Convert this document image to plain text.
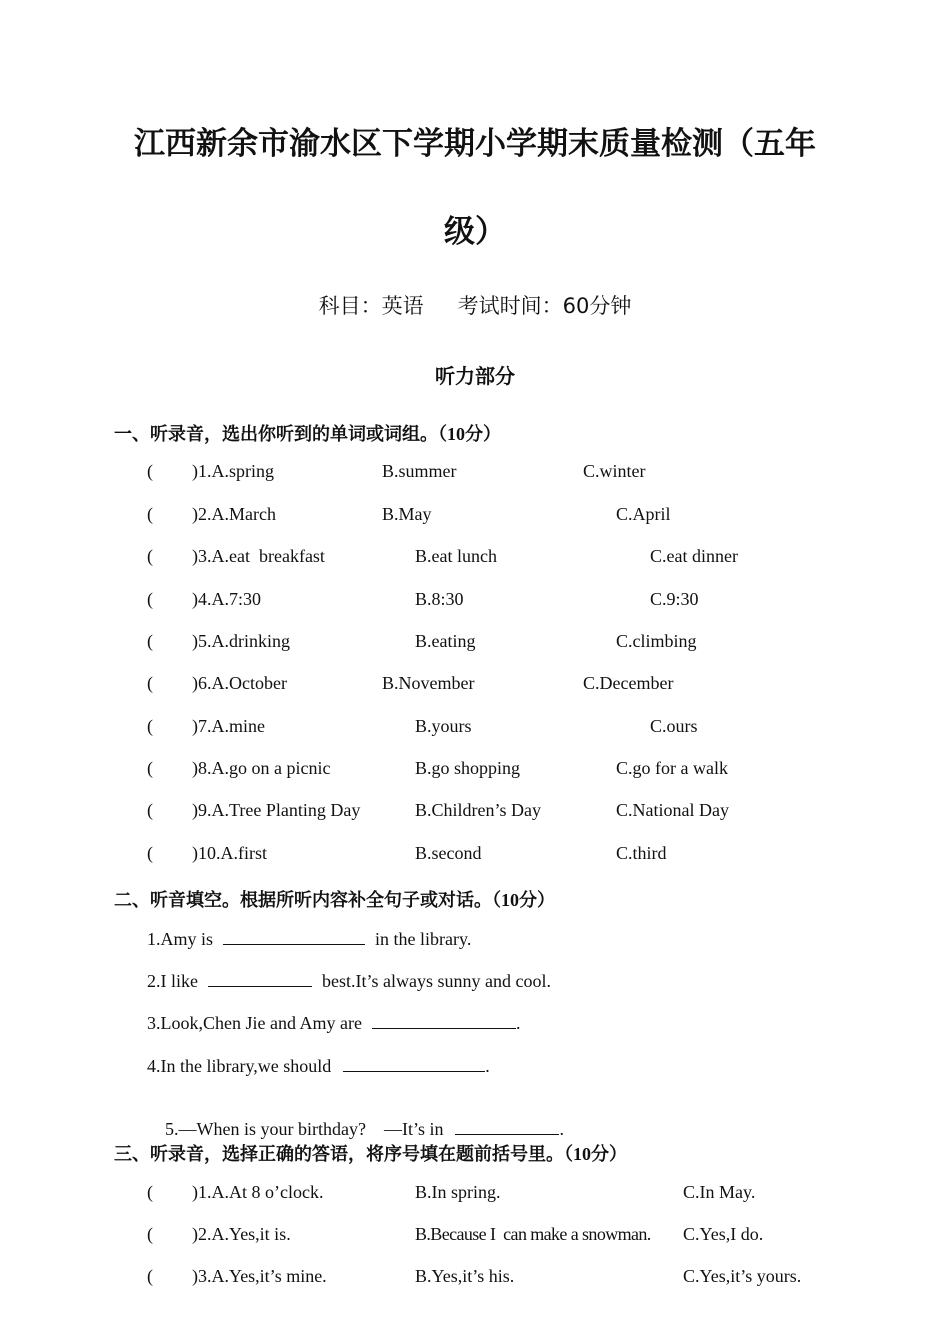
江西新余市渝水区下学期小学期末质量检测（五年
级）
科目：英语 考试时间：60分钟
听力部分
一、听录音，选出你听到的单词或词组。（10分）
( )1.A.spring	B.summer	C.winter
( )2.A.March	B.May	C.April
( )3.A.eat  breakfast	B.eat lunch	C.eat dinner
( )4.A.7:30	B.8:30	C.9:30
( )5.A.drinking	B.eating	C.climbing
( )6.A.October	B.November	C.December
( )7.A.mine	B.yours	C.ours
( )8.A.go on a picnic	B.go shopping	C.go for a walk
( )9.A.Tree Planting Day	B.Children’s Day	C.National Day
( )10.A.first	B.second	C.third
二、听音填空。根据所听内容补全句子或对话。（10分）
1.Amy is	in the library.
2.I like	best.It’s always sunny and cool.
3.Look,Chen Jie and Amy are	.
4.In the library,we should	.

5.—When is your birthday?    —It’s in	.

三、听录音，选择正确的答语，将序号填在题前括号里。（10分）
( )1.A.At 8 o’clock.	B.In spring.	C.In May.
( )2.A.Yes,it is.	B.Because I  can make a snowman. C.Yes,I do.
( )3.A.Yes,it’s mine.	B.Yes,it’s his.	C.Yes,it’s yours.
